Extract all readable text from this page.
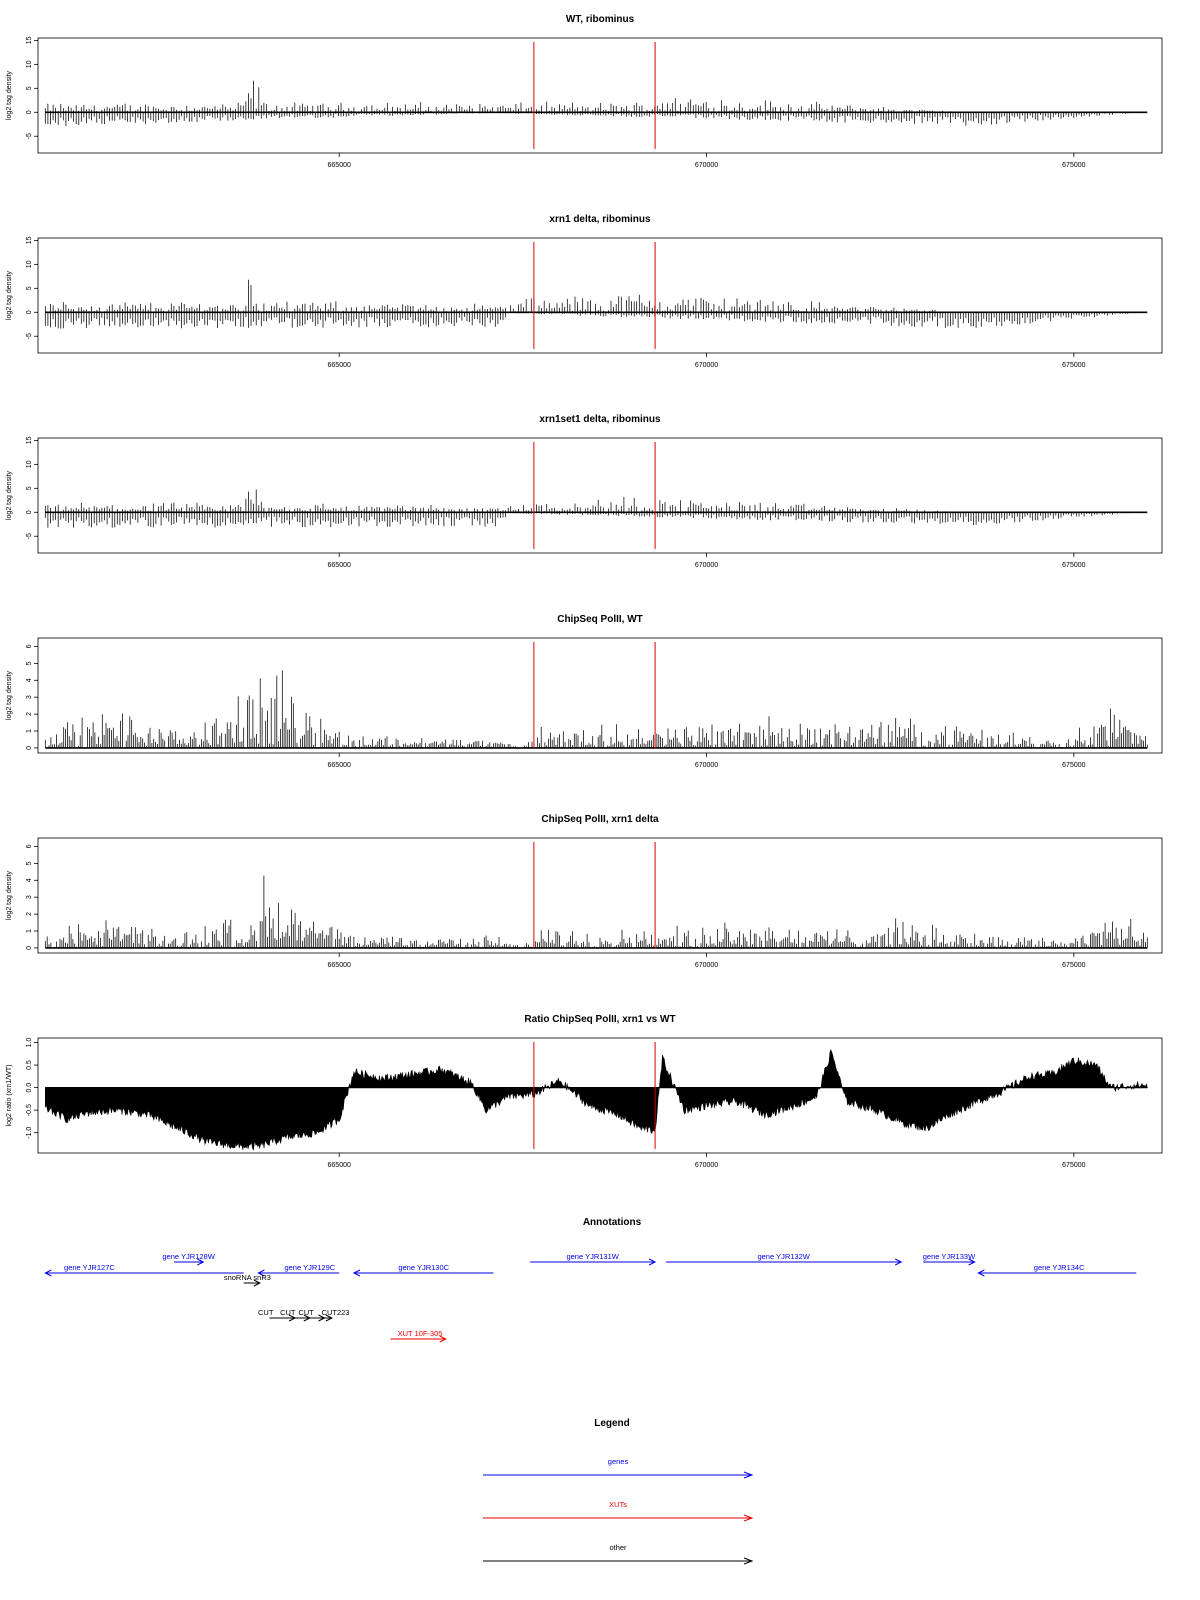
WT, ribominus
log2 tag density
-5
0
5
10
15
665000	670000	675000
xrn1 delta, ribominus
log2 tag density
-5
0
5
10
15
665000	670000	675000
xrn1set1 delta, ribominus
log2 tag density
-5
0
5
10
15
665000	670000	675000
ChipSeq PolII, WT
log2 tag density
0
1
2
3
4
5
6
665000	670000	675000
ChipSeq PolII, xrn1 delta
log2 tag density
0
1
2
3
4
5
6
665000	670000	675000
Ratio ChipSeq PolII, xrn1 vs WT
log2 ratio (xrn1/WT)
-1.0
-0.5
0.0
0.5
1.0
665000	670000	675000
Annotations
gene YJR127C
gene YJR128W
gene YJR129C
snoRNA snR3
gene YJR130C
gene YJR131W	gene YJR132W	gene YJR133W
gene YJR134C
CUT CUT CUT CUT223
XUT 10F-305
Legend
genes
XUTs
other
